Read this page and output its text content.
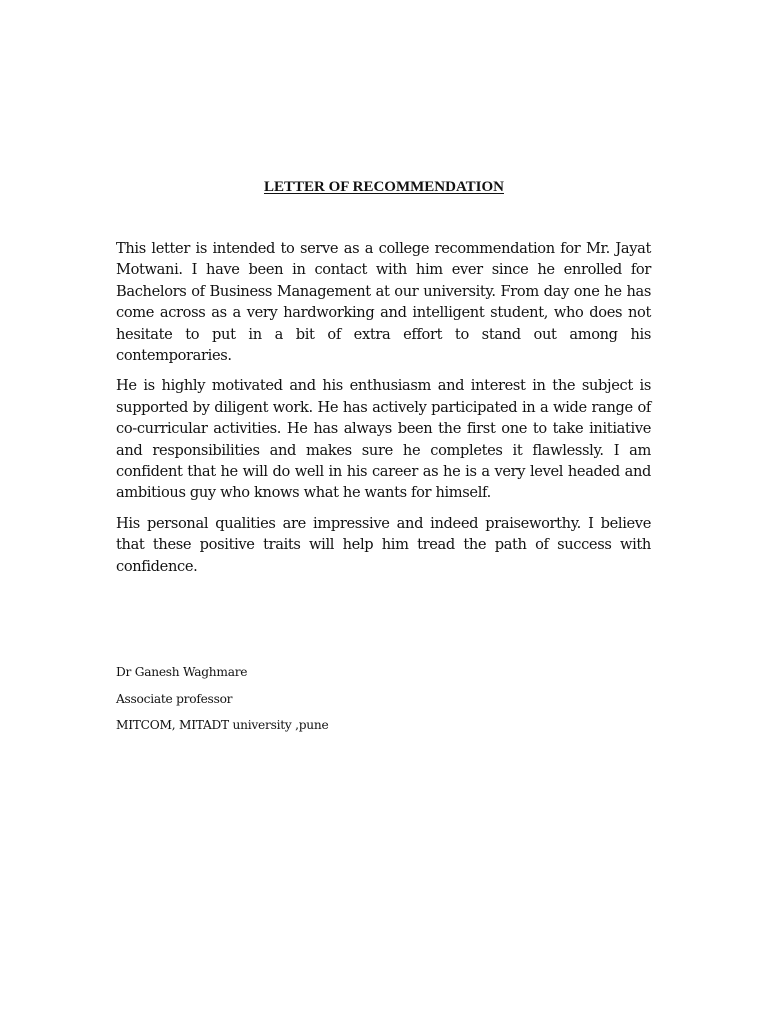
LETTER OF RECOMMENDATION

This letter is intended to serve as a college recommendation for Mr. Jayat Motwani. I have been in contact with him ever since he enrolled for Bachelors of Business Management at our university. From day one he has come across as a very hardworking and intelligent student, who does not hesitate to put in a bit of extra effort to stand out among his contemporaries.

He is highly motivated and his enthusiasm and interest in the subject is supported by diligent work. He has actively participated in a wide range of co-curricular activities. He has always been the first one to take initiative and responsibilities and makes sure he completes it flawlessly. I am confident that he will do well in his career as he is a very level headed and ambitious guy who knows what he wants for himself.

His personal qualities are impressive and indeed praiseworthy. I believe that these positive traits will help him tread the path of success with confidence.

Dr Ganesh Waghmare
Associate professor
MITCOM, MITADT university ,pune
